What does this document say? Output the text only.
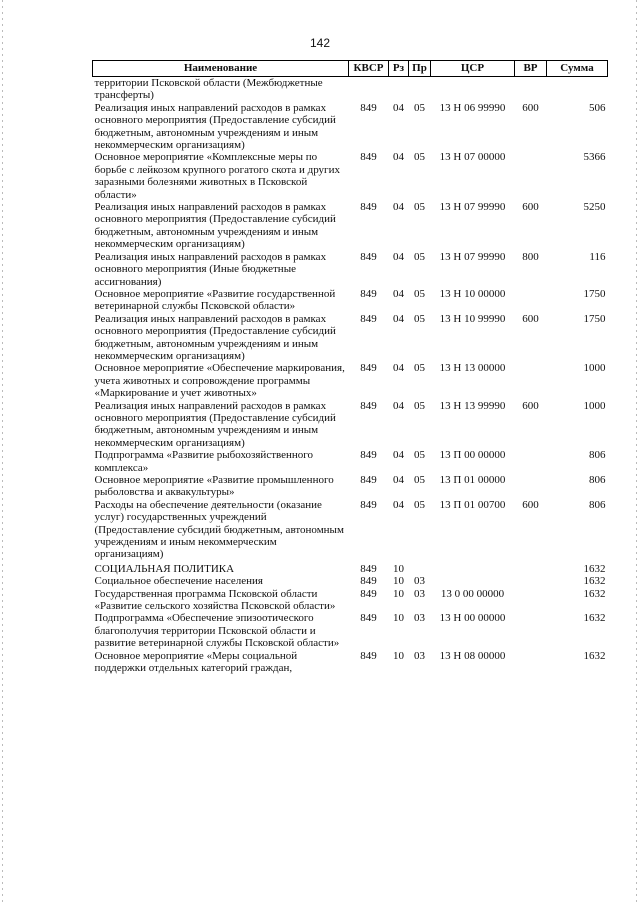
142
Наименование	КВСР	Рз	Пр	ЦСР	ВР	Сумма
территории Псковской области (Межбюджетные трансферты)						
Реализация иных направлений расходов в рамках основного мероприятия (Предоставление субсидий бюджетным, автономным учреждениям и иным некоммерческим организациям)	849	04	05	13 Н 06 99990	600	506
Основное мероприятие «Комплексные меры по борьбе с лейкозом крупного рогатого скота и других заразными болезнями животных в Псковской области»	849	04	05	13 Н 07 00000		5366
Реализация иных направлений расходов в рамках основного мероприятия (Предоставление субсидий бюджетным, автономным учреждениям и иным некоммерческим организациям)	849	04	05	13 Н 07 99990	600	5250
Реализация иных направлений расходов в рамках основного мероприятия (Иные бюджетные ассигнования)	849	04	05	13 Н 07 99990	800	116
Основное мероприятие «Развитие государственной ветеринарной службы Псковской области»	849	04	05	13 Н 10 00000		1750
Реализация иных направлений расходов в рамках основного мероприятия (Предоставление субсидий бюджетным, автономным учреждениям и иным некоммерческим организациям)	849	04	05	13 Н 10 99990	600	1750
Основное мероприятие «Обеспечение маркирования, учета животных и сопровождение программы «Маркирование и учет животных»	849	04	05	13 Н 13 00000		1000
Реализация иных направлений расходов в рамках основного мероприятия (Предоставление субсидий бюджетным, автономным учреждениям и иным некоммерческим организациям)	849	04	05	13 Н 13 99990	600	1000
Подпрограмма «Развитие рыбохозяйственного комплекса»	849	04	05	13 П 00 00000		806
Основное мероприятие «Развитие промышленного рыболовства и аквакультуры»	849	04	05	13 П 01 00000		806
Расходы на обеспечение деятельности (оказание услуг) государственных учреждений (Предоставление субсидий бюджетным, автономным учреждениям и иным некоммерческим организациям)	849	04	05	13 П 01 00700	600	806
СОЦИАЛЬНАЯ ПОЛИТИКА	849	10				1632
Социальное обеспечение населения	849	10	03			1632
Государственная программа Псковской области «Развитие сельского хозяйства Псковской области»	849	10	03	13 0 00 00000		1632
Подпрограмма «Обеспечение эпизоотического благополучия территории Псковской области и развитие ветеринарной службы Псковской области»	849	10	03	13 Н 00 00000		1632
Основное мероприятие «Меры социальной поддержки отдельных категорий граждан,	849	10	03	13 Н 08 00000		1632
